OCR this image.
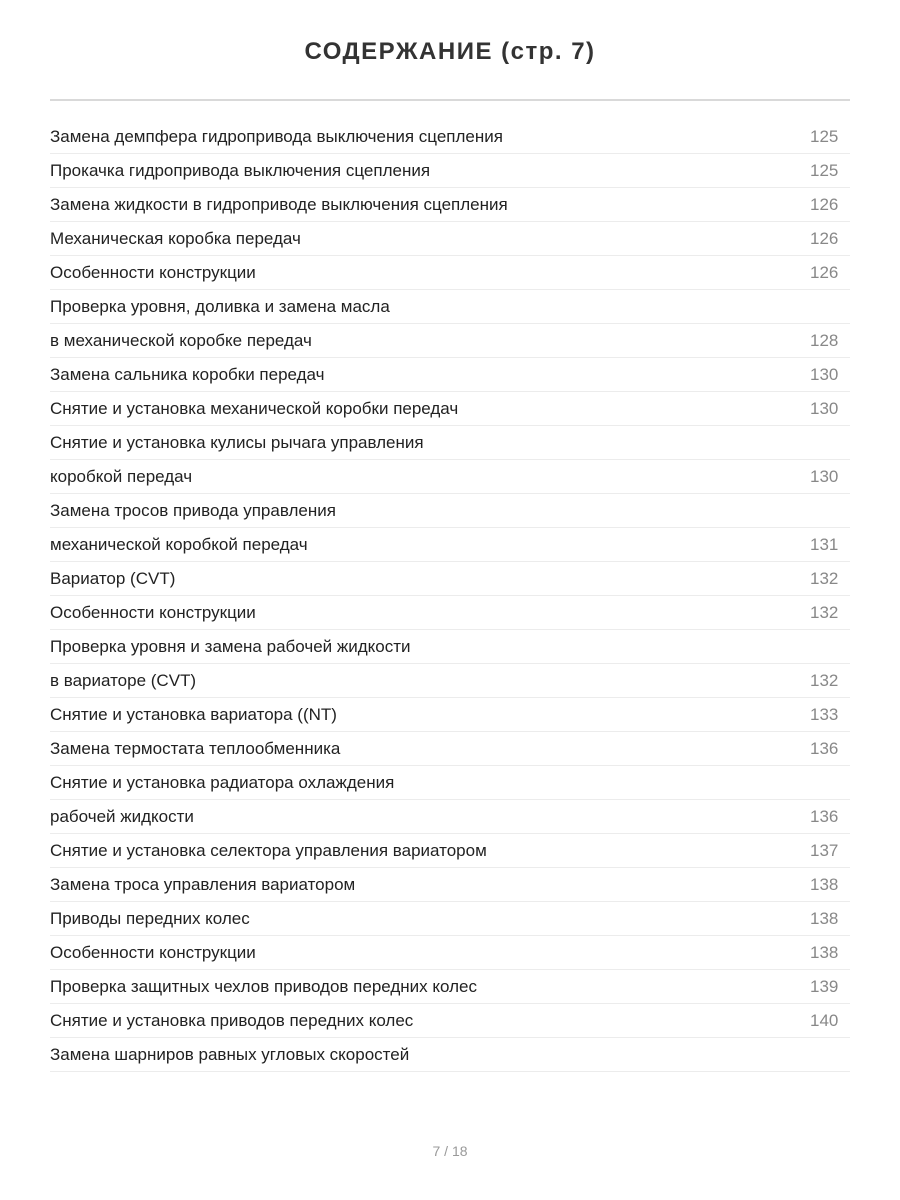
СОДЕРЖАНИЕ (стр. 7)
Замена демпфера гидропривода выключения сцепления	125
Прокачка гидропривода выключения сцепления	125
Замена жидкости в гидроприводе выключения сцепления	126
Механическая коробка передач	126
Особенности конструкции	126
Проверка уровня, доливка и замена масла
в механической коробке передач	128
Замена сальника коробки передач	130
Снятие и установка механической коробки передач	130
Снятие и установка кулисы рычага управления
коробкой передач	130
Замена тросов привода управления
механической коробкой передач	131
Вариатор (CVT)	132
Особенности конструкции	132
Проверка уровня и замена рабочей жидкости
в вариаторе (CVT)	132
Снятие и установка вариатора ((NT)	133
Замена термостата теплообменника	136
Снятие и установка радиатора охлаждения
рабочей жидкости	136
Снятие и установка селектора управления вариатором	137
Замена троса управления вариатором	138
Приводы передних колес	138
Особенности конструкции	138
Проверка защитных чехлов приводов передних колес	139
Снятие и установка приводов передних колес	140
Замена шарниров равных угловых скоростей
7 / 18
